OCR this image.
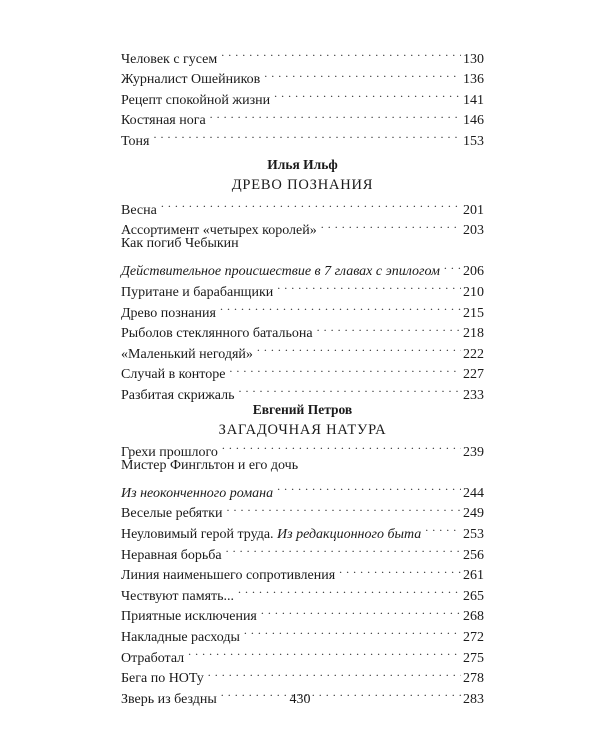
Человек с гусем . . .	130
Журналист Ошейников . . .	136
Рецепт спокойной жизни . . .	141
Костяная нога . . .	146
Тоня . . .	153
Илья Ильф
ДРЕВО ПОЗНАНИЯ
Весна . . .	201
Ассортимент «четырех королей» . . .	203
Как погиб Чебыкин
Действительное происшествие в 7 главах с эпилогом . . . 206
Пуритане и барабанщики . . .	210
Древо познания . . .	215
Рыболов стеклянного батальона . . .	218
«Маленький негодяй» . . .	222
Случай в конторе . . .	227
Разбитая скрижаль . . .	233
Евгений Петров
ЗАГАДОЧНАЯ НАТУРА
Грехи прошлого . . .	239
Мистер Фингльтон и его дочь
Из неоконченного романа . . .	244
Веселые ребятки . . .	249
Неуловимый герой труда. Из редакционного быта . . .	253
Неравная борьба . . .	256
Линия наименьшего сопротивления . . .	261
Чествуют память... . . .	265
Приятные исключения . . .	268
Накладные расходы . . .	272
Отработал . . .	275
Бега по НОТу . . .	278
Зверь из бездны . . .	283
430
